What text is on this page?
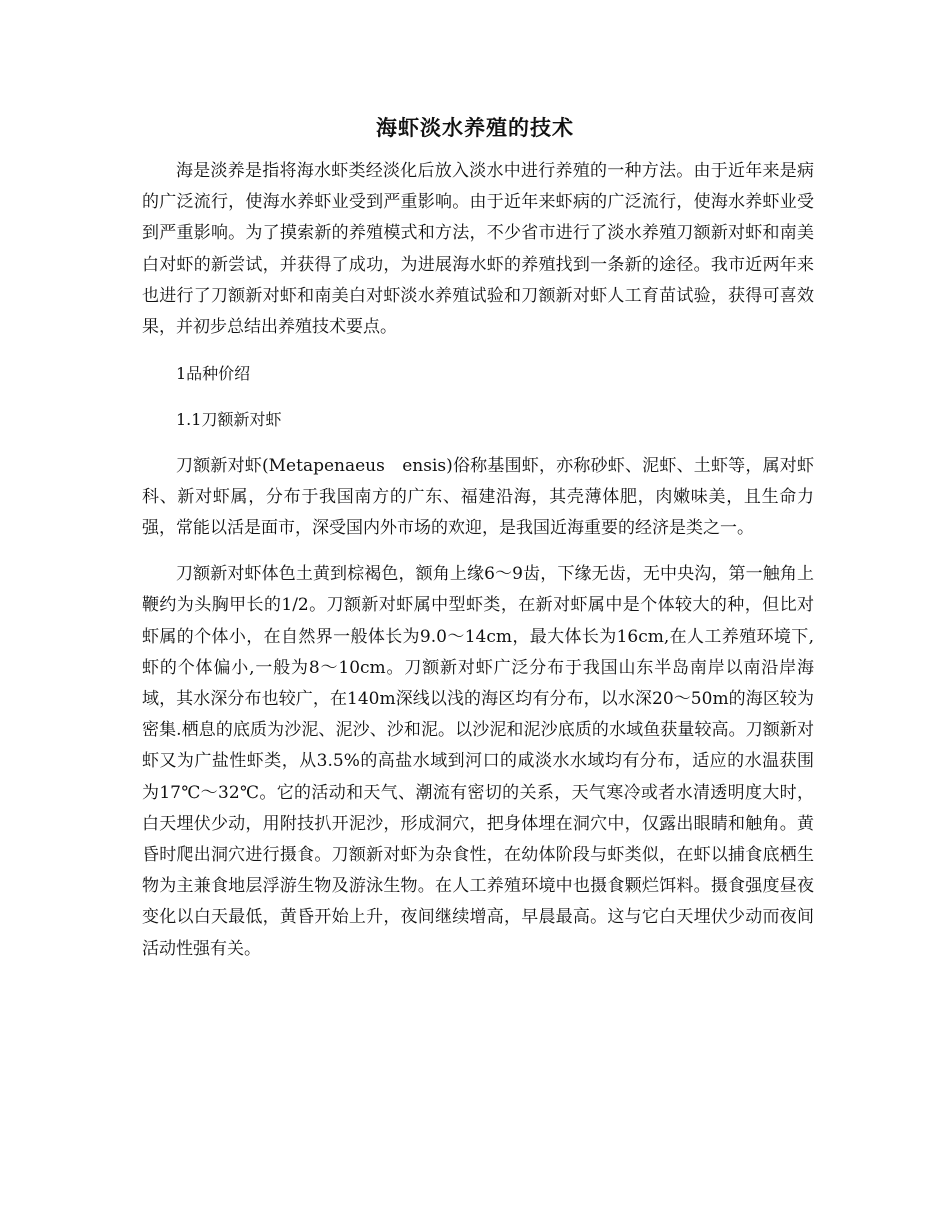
海虾淡水养殖的技术

海是淡养是指将海水虾类经淡化后放入淡水中进行养殖的一种方法。由于近年来是病的广泛流行，使海水养虾业受到严重影响。由于近年来虾病的广泛流行，使海水养虾业受到严重影响。为了摸索新的养殖模式和方法，不少省市进行了淡水养殖刀额新对虾和南美白对虾的新尝试，并获得了成功，为进展海水虾的养殖找到一条新的途径。我市近两年来也进行了刀额新对虾和南美白对虾淡水养殖试验和刀额新对虾人工育苗试验，获得可喜效果，并初步总结出养殖技术要点。

1品种价绍

1.1刀额新对虾

刀额新对虾(Metapenaeus　ensis)俗称基围虾，亦称砂虾、泥虾、土虾等，属对虾科、新对虾属，分布于我国南方的广东、福建沿海，其壳薄体肥，肉嫩味美，且生命力强，常能以活是面市，深受国内外市场的欢迎，是我国近海重要的经济是类之一。

刀额新对虾体色土黄到棕褐色，额角上缘6～9齿，下缘无齿，无中央沟，第一触角上鞭约为头胸甲长的1/2。刀额新对虾属中型虾类，在新对虾属中是个体较大的种，但比对虾属的个体小，在自然界一般体长为9.0～14cm，最大体长为16cm,在人工养殖环境下,虾的个体偏小,一般为8～10cm。刀额新对虾广泛分布于我国山东半岛南岸以南沿岸海域，其水深分布也较广，在140m深线以浅的海区均有分布，以水深20～50m的海区较为密集.栖息的底质为沙泥、泥沙、沙和泥。以沙泥和泥沙底质的水域鱼获量较高。刀额新对虾又为广盐性虾类，从3.5%的高盐水域到河口的咸淡水水域均有分布，适应的水温获围为17℃～32℃。它的活动和天气、潮流有密切的关系，天气寒冷或者水清透明度大时，白天埋伏少动，用附技扒开泥沙，形成洞穴，把身体埋在洞穴中，仅露出眼睛和触角。黄昏时爬出洞穴进行摄食。刀额新对虾为杂食性，在幼体阶段与虾类似，在虾以捕食底栖生物为主兼食地层浮游生物及游泳生物。在人工养殖环境中也摄食颗烂饵料。摄食强度昼夜变化以白天最低，黄昏开始上升，夜间继续增高，早晨最高。这与它白天埋伏少动而夜间活动性强有关。
